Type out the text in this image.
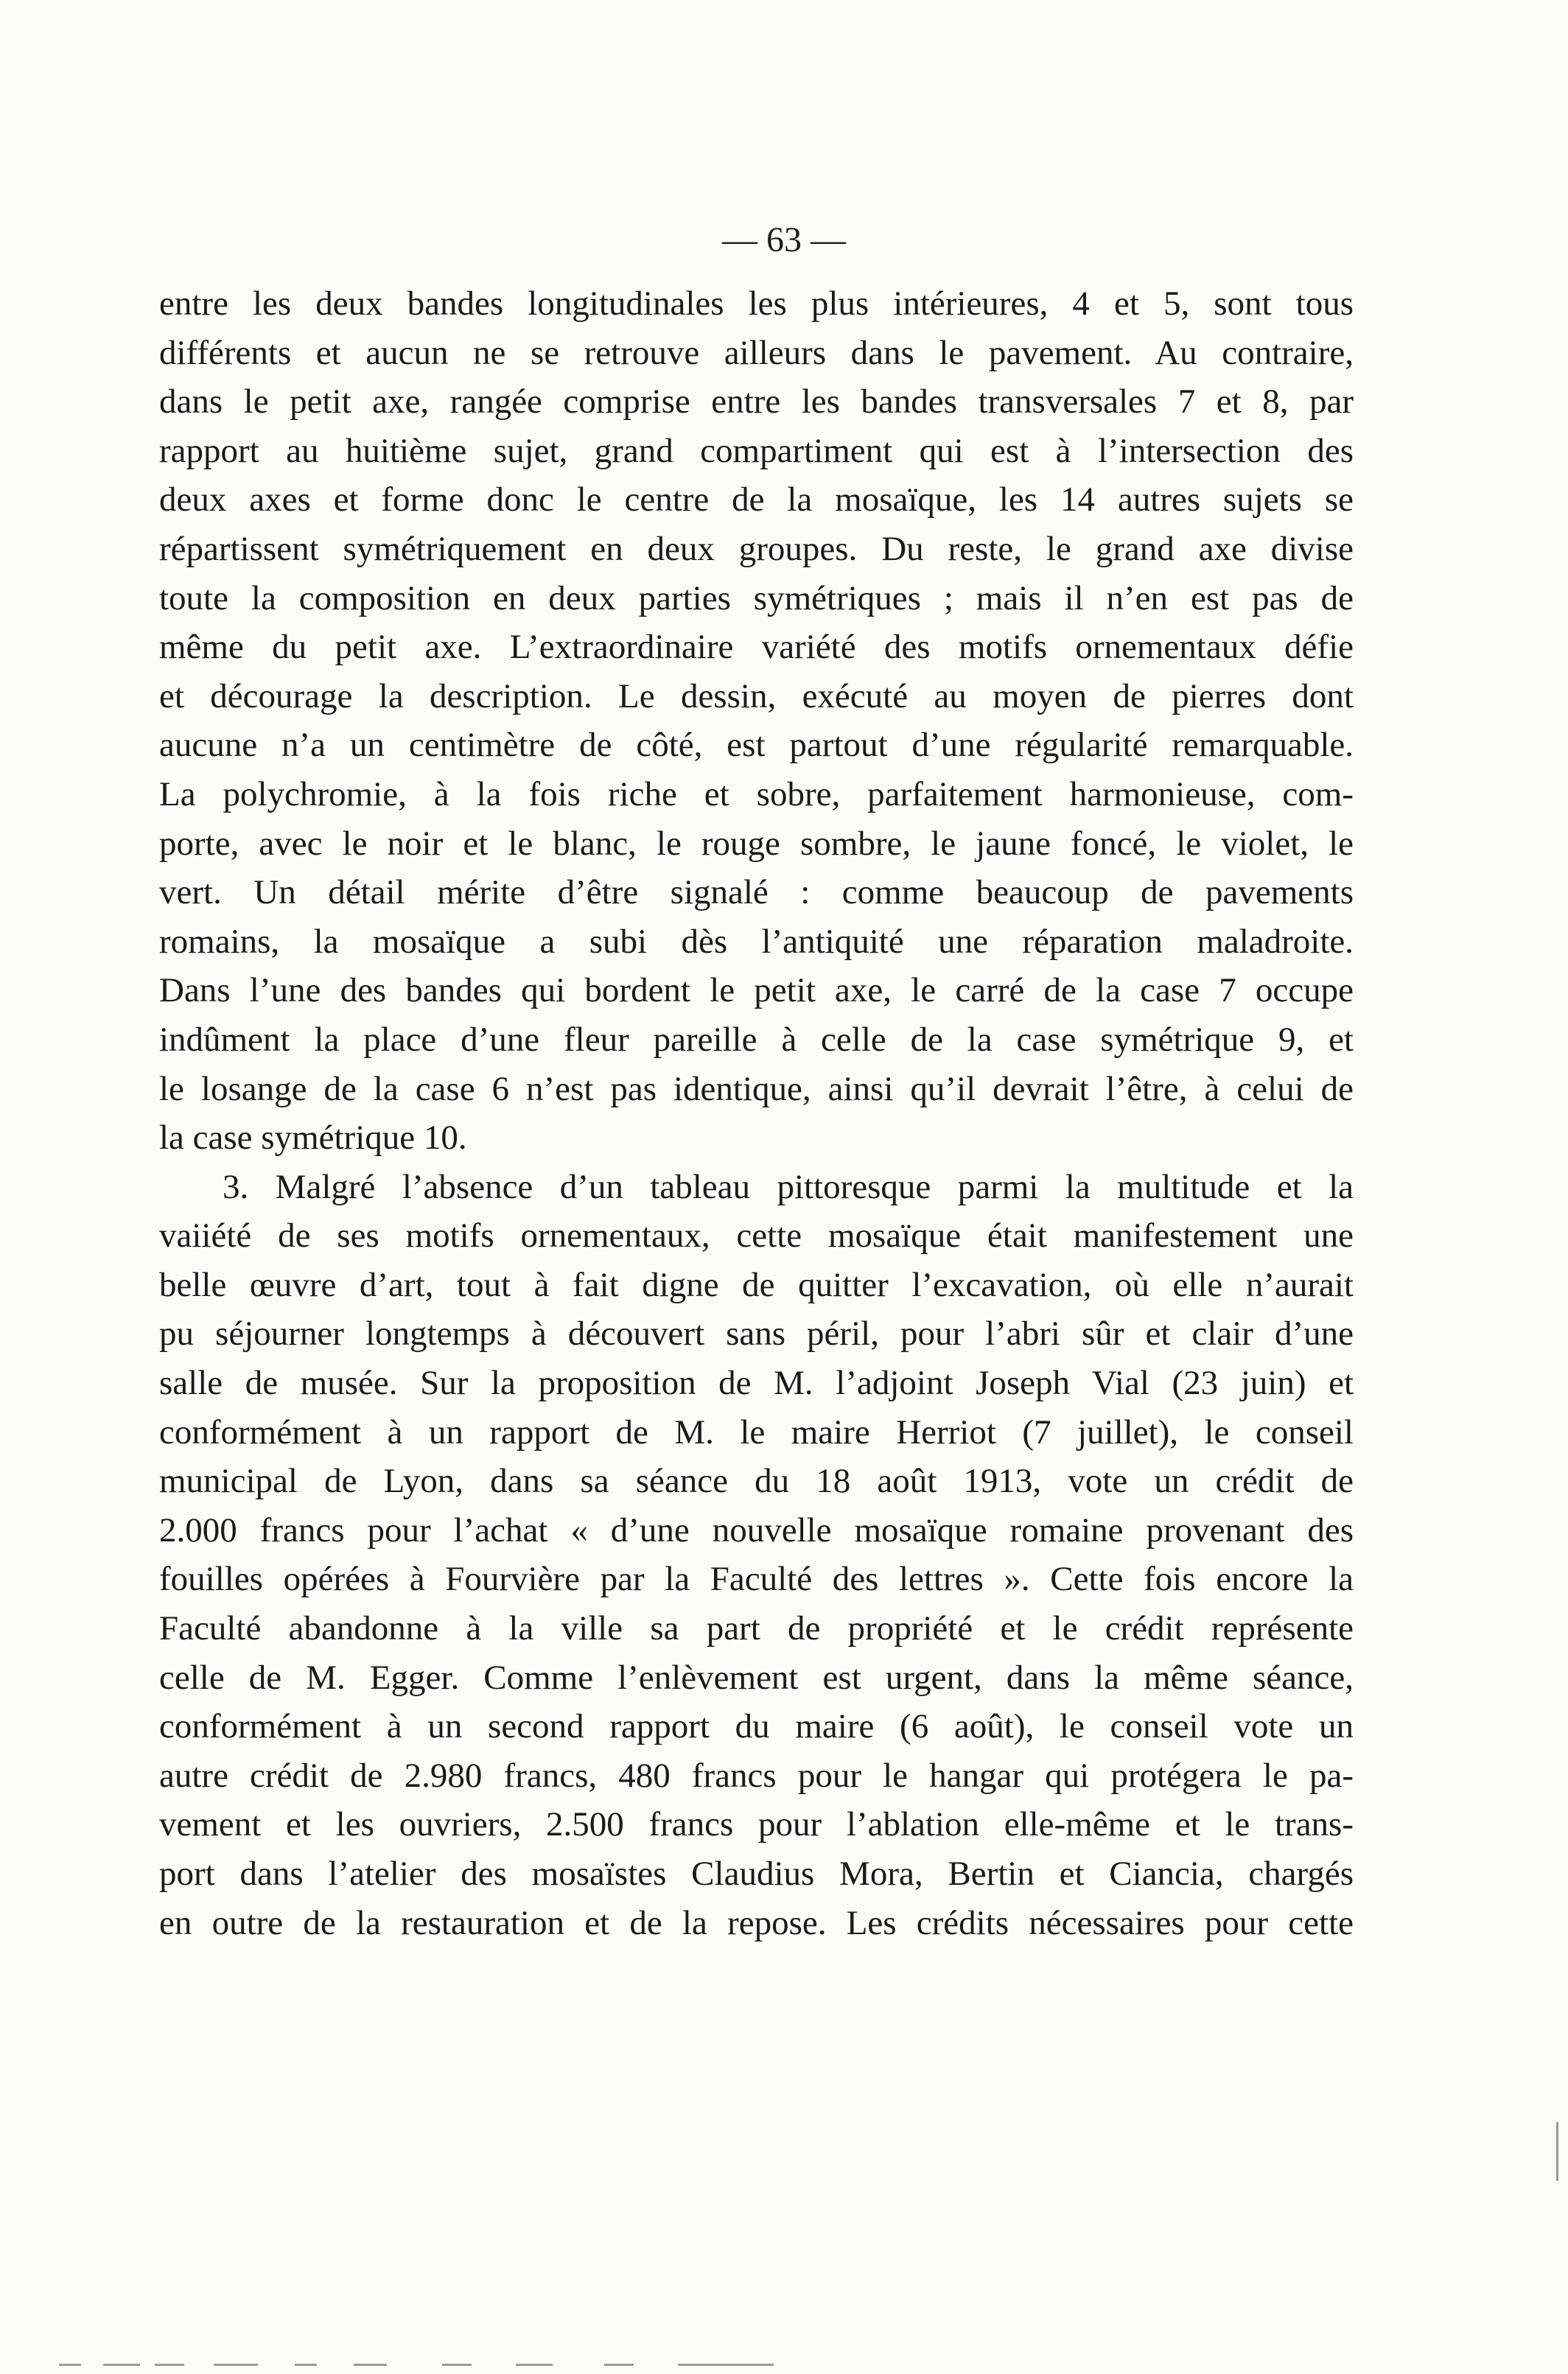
— 63 —
entre les deux bandes longitudinales les plus intérieures, 4 et 5, sont tous
différents et aucun ne se retrouve ailleurs dans le pavement. Au contraire,
dans le petit axe, rangée comprise entre les bandes transversales 7 et 8, par
rapport au huitième sujet, grand compartiment qui est à l’intersection des
deux axes et forme donc le centre de la mosaïque, les 14 autres sujets se
répartissent symétriquement en deux groupes. Du reste, le grand axe divise
toute la composition en deux parties symétriques ; mais il n’en est pas de
même du petit axe. L’extraordinaire variété des motifs ornementaux défie
et décourage la description. Le dessin, exécuté au moyen de pierres dont
aucune n’a un centimètre de côté, est partout d’une régularité remarquable.
La polychromie, à la fois riche et sobre, parfaitement harmonieuse, com-
porte, avec le noir et le blanc, le rouge sombre, le jaune foncé, le violet, le
vert. Un détail mérite d’être signalé : comme beaucoup de pavements
romains, la mosaïque a subi dès l’antiquité une réparation maladroite.
Dans l’une des bandes qui bordent le petit axe, le carré de la case 7 occupe
indûment la place d’une fleur pareille à celle de la case symétrique 9, et
le losange de la case 6 n’est pas identique, ainsi qu’il devrait l’être, à celui de
la case symétrique 10.
3. Malgré l’absence d’un tableau pittoresque parmi la multitude et la
vaiiété de ses motifs ornementaux, cette mosaïque était manifestement une
belle œuvre d’art, tout à fait digne de quitter l’excavation, où elle n’aurait
pu séjourner longtemps à découvert sans péril, pour l’abri sûr et clair d’une
salle de musée. Sur la proposition de M. l’adjoint Joseph Vial (23 juin) et
conformément à un rapport de M. le maire Herriot (7 juillet), le conseil
municipal de Lyon, dans sa séance du 18 août 1913, vote un crédit de
2.000 francs pour l’achat « d’une nouvelle mosaïque romaine provenant des
fouilles opérées à Fourvière par la Faculté des lettres ». Cette fois encore la
Faculté abandonne à la ville sa part de propriété et le crédit représente
celle de M. Egger. Comme l’enlèvement est urgent, dans la même séance,
conformément à un second rapport du maire (6 août), le conseil vote un
autre crédit de 2.980 francs, 480 francs pour le hangar qui protégera le pa-
vement et les ouvriers, 2.500 francs pour l’ablation elle-même et le trans-
port dans l’atelier des mosaïstes Claudius Mora, Bertin et Ciancia, chargés
en outre de la restauration et de la repose. Les crédits nécessaires pour cette
